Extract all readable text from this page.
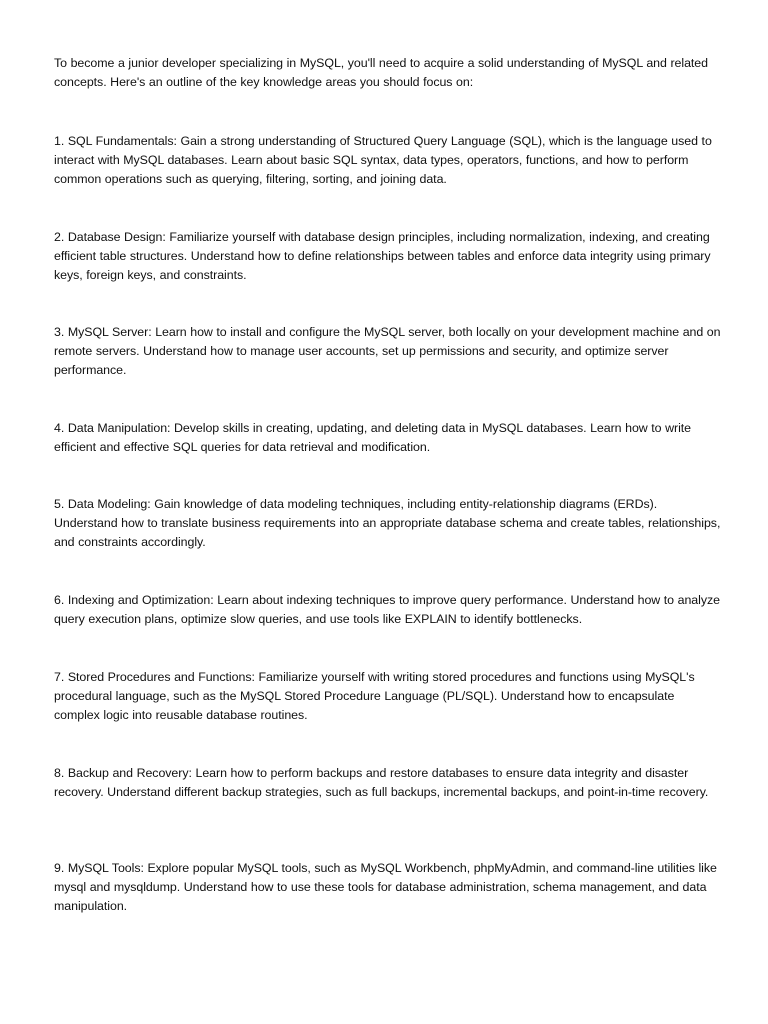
To become a junior developer specializing in MySQL, you'll need to acquire a solid understanding of MySQL and related concepts. Here's an outline of the key knowledge areas you should focus on:

1. SQL Fundamentals: Gain a strong understanding of Structured Query Language (SQL), which is the language used to interact with MySQL databases. Learn about basic SQL syntax, data types, operators, functions, and how to perform common operations such as querying, filtering, sorting, and joining data.

2. Database Design: Familiarize yourself with database design principles, including normalization, indexing, and creating efficient table structures. Understand how to define relationships between tables and enforce data integrity using primary keys, foreign keys, and constraints.

3. MySQL Server: Learn how to install and configure the MySQL server, both locally on your development machine and on remote servers. Understand how to manage user accounts, set up permissions and security, and optimize server performance.

4. Data Manipulation: Develop skills in creating, updating, and deleting data in MySQL databases. Learn how to write efficient and effective SQL queries for data retrieval and modification.

5. Data Modeling: Gain knowledge of data modeling techniques, including entity-relationship diagrams (ERDs). Understand how to translate business requirements into an appropriate database schema and create tables, relationships, and constraints accordingly.

6. Indexing and Optimization: Learn about indexing techniques to improve query performance. Understand how to analyze query execution plans, optimize slow queries, and use tools like EXPLAIN to identify bottlenecks.

7. Stored Procedures and Functions: Familiarize yourself with writing stored procedures and functions using MySQL's procedural language, such as the MySQL Stored Procedure Language (PL/SQL). Understand how to encapsulate complex logic into reusable database routines.

8. Backup and Recovery: Learn how to perform backups and restore databases to ensure data integrity and disaster recovery. Understand different backup strategies, such as full backups, incremental backups, and point-in-time recovery.

9. MySQL Tools: Explore popular MySQL tools, such as MySQL Workbench, phpMyAdmin, and command-line utilities like mysql and mysqldump. Understand how to use these tools for database administration, schema management, and data manipulation.
